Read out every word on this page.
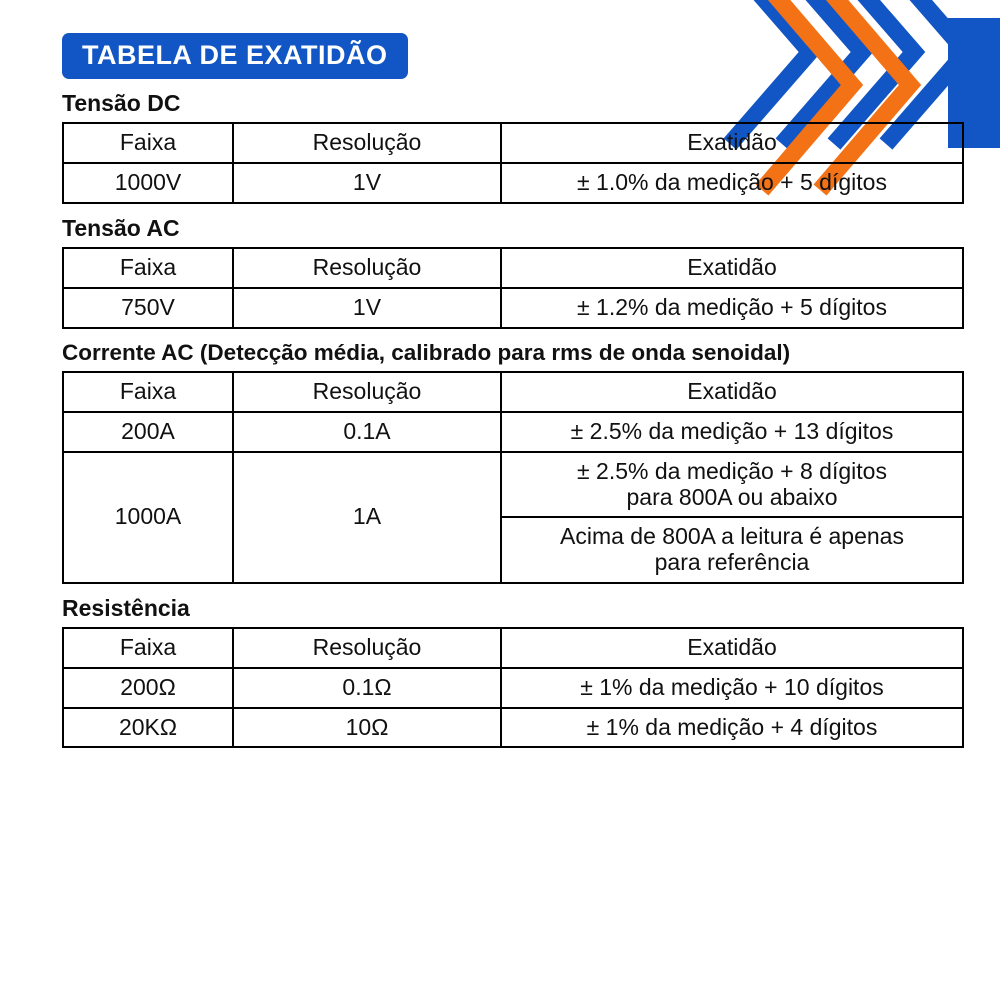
TABELA DE EXATIDÃO
Tensão DC
Faixa	Resolução	Exatidão
1000V	1V	± 1.0% da medição + 5 dígitos
Tensão AC
Faixa	Resolução	Exatidão
750V	1V	± 1.2% da medição + 5 dígitos
Corrente AC (Detecção média, calibrado para rms de onda senoidal)
Faixa	Resolução	Exatidão
200A	0.1A	± 2.5% da medição + 13 dígitos
1000A	1A	± 2.5% da medição + 8 dígitos
para 800A ou abaixo

		Acima de 800A a leitura é apenas
para referência
Resistência
Faixa	Resolução	Exatidão
200Ω	0.1Ω	± 1% da medição + 10 dígitos
20KΩ	10Ω	± 1% da medição + 4 dígitos
